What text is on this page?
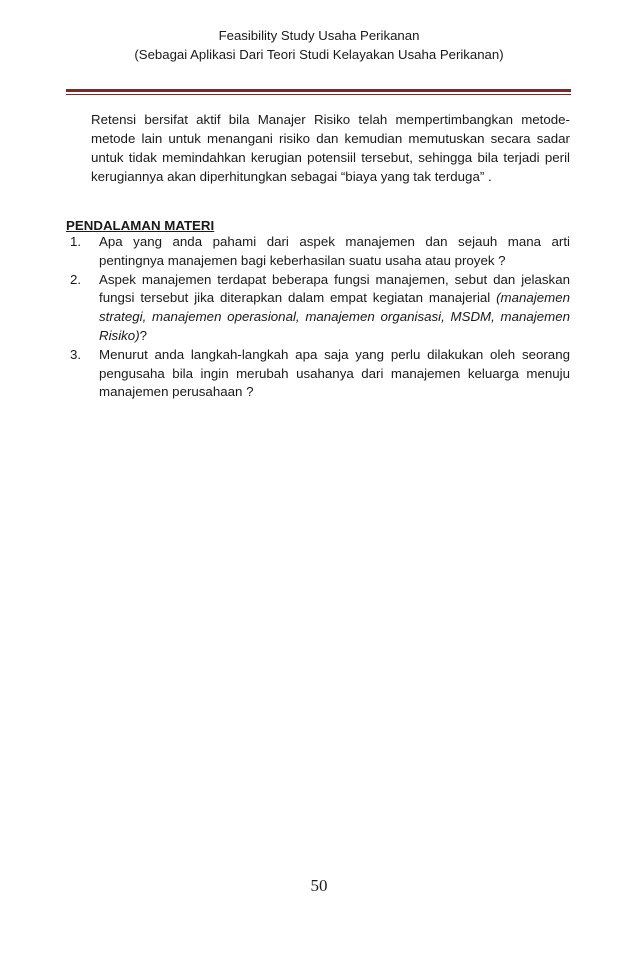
Feasibility Study Usaha Perikanan
(Sebagai Aplikasi Dari Teori Studi Kelayakan Usaha Perikanan)

Retensi bersifat aktif bila Manajer Risiko telah mempertimbangkan metode-metode lain untuk menangani risiko dan kemudian memutuskan secara sadar untuk tidak memindahkan kerugian potensiil tersebut, sehingga bila terjadi peril kerugiannya akan diperhitungkan sebagai “biaya yang tak terduga” .

PENDALAMAN MATERI
1. Apa yang anda pahami dari aspek manajemen dan sejauh mana arti pentingnya manajemen bagi keberhasilan suatu usaha atau proyek ?
2. Aspek manajemen terdapat beberapa fungsi manajemen, sebut dan jelaskan fungsi tersebut jika diterapkan dalam empat kegiatan manajerial (manajemen strategi, manajemen operasional, manajemen organisasi, MSDM, manajemen Risiko)?
3. Menurut anda langkah-langkah apa saja yang perlu dilakukan oleh seorang pengusaha bila ingin merubah usahanya dari manajemen keluarga menuju manajemen perusahaan ?
50
